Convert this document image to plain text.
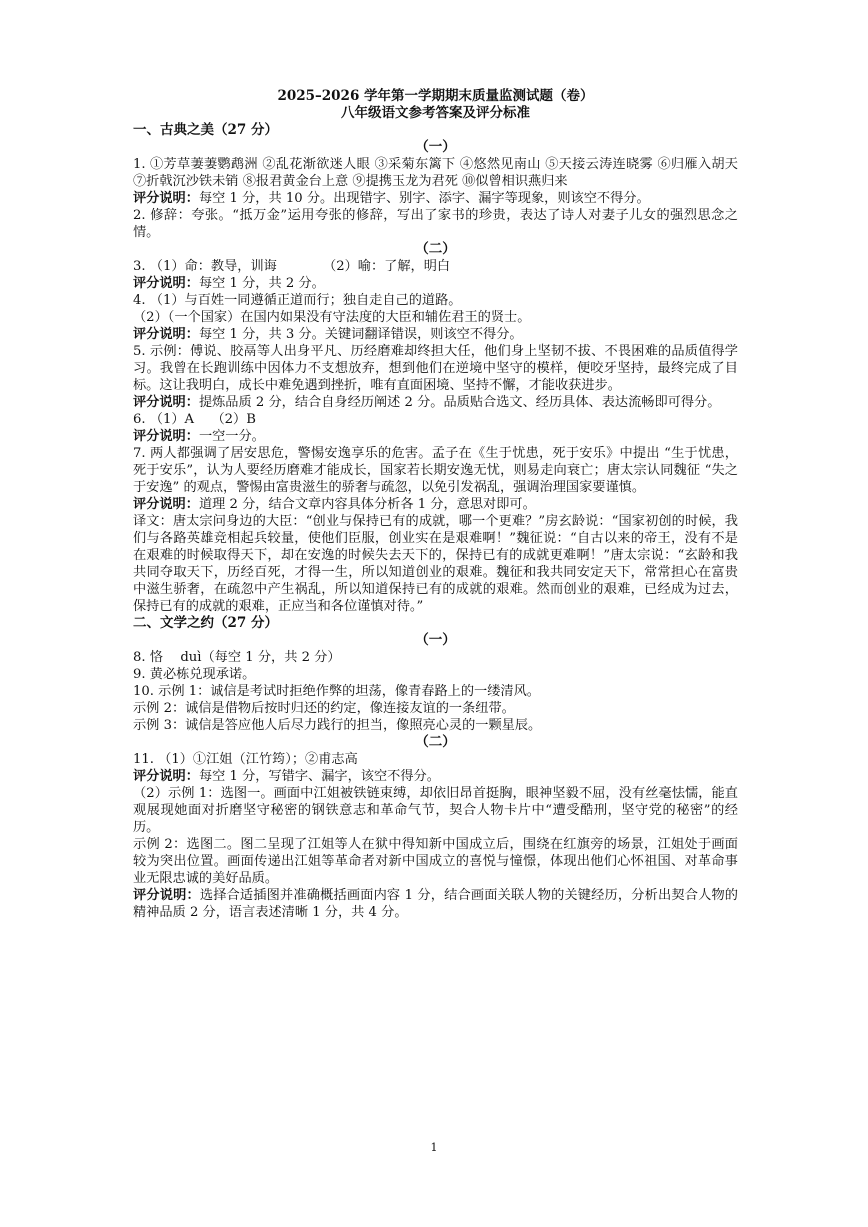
2025–2026 学年第一学期期末质量监测试题（卷）
八年级语文参考答案及评分标准
一、古典之美（27 分）
（一）

1. ①芳草萋萋鹦鹉洲 ②乱花渐欲迷人眼 ③采菊东篱下 ④悠然见南山 ⑤天接云涛连晓雾 ⑥归雁入胡天 ⑦折戟沉沙铁未销 ⑧报君黄金台上意 ⑨提携玉龙为君死 ⑩似曾相识燕归来

评分说明：每空 1 分，共 10 分。出现错字、别字、添字、漏字等现象，则该空不得分。

2. 修辞：夸张。“抵万金”运用夸张的修辞，写出了家书的珍贵，表达了诗人对妻子儿女的强烈思念之情。

（二）

3. （1）命：教导，训诲　　　　（2）喻：了解，明白

评分说明：每空 1 分，共 2 分。

4. （1）与百姓一同遵循正道而行；独自走自己的道路。

（2）（一个国家）在国内如果没有守法度的大臣和辅佐君王的贤士。

评分说明：每空 1 分，共 3 分。关键词翻译错误，则该空不得分。

5. 示例：傅说、胶鬲等人出身平凡、历经磨难却终担大任，他们身上坚韧不拔、不畏困难的品质值得学习。我曾在长跑训练中因体力不支想放弃，想到他们在逆境中坚守的模样，便咬牙坚持，最终完成了目标。这让我明白，成长中难免遇到挫折，唯有直面困境、坚持不懈，才能收获进步。

评分说明：提炼品质 2 分，结合自身经历阐述 2 分。品质贴合选文、经历具体、表达流畅即可得分。

6. （1）A　 （2）B

评分说明：一空一分。

7. 两人都强调了居安思危，警惕安逸享乐的危害。孟子在《生于忧患，死于安乐》中提出 “生于忧患，死于安乐”，认为人要经历磨难才能成长，国家若长期安逸无忧，则易走向衰亡；唐太宗认同魏征 “失之于安逸” 的观点，警惕由富贵滋生的骄奢与疏忽，以免引发祸乱，强调治理国家要谨慎。

评分说明：道理 2 分，结合文章内容具体分析各 1 分，意思对即可。

译文：唐太宗问身边的大臣：“创业与保持已有的成就，哪一个更难？”房玄龄说：“国家初创的时候，我们与各路英雄竞相起兵较量，使他们臣服，创业实在是艰难啊！”魏征说：“自古以来的帝王，没有不是在艰难的时候取得天下，却在安逸的时候失去天下的，保持已有的成就更难啊！”唐太宗说：“玄龄和我共同夺取天下，历经百死，才得一生，所以知道创业的艰难。魏征和我共同安定天下，常常担心在富贵中滋生骄奢，在疏忽中产生祸乱，所以知道保持已有的成就的艰难。然而创业的艰难，已经成为过去，保持已有的成就的艰难，正应当和各位谨慎对待。”

二、文学之约（27 分）
（一）

8. 恪　 duì（每空 1 分，共 2 分）

9. 黄必栋兑现承诺。

10. 示例 1：诚信是考试时拒绝作弊的坦荡，像青春路上的一缕清风。

示例 2：诚信是借物后按时归还的约定，像连接友谊的一条纽带。

示例 3：诚信是答应他人后尽力践行的担当，像照亮心灵的一颗星辰。

（二）

11. （1）①江姐（江竹筠）；②甫志高

评分说明：每空 1 分，写错字、漏字，该空不得分。

（2）示例 1：选图一。画面中江姐被铁链束缚，却依旧昂首挺胸，眼神坚毅不屈，没有丝毫怯懦，能直观展现她面对折磨坚守秘密的钢铁意志和革命气节，契合人物卡片中“遭受酷刑，坚守党的秘密”的经历。

示例 2：选图二。图二呈现了江姐等人在狱中得知新中国成立后，围绕在红旗旁的场景，江姐处于画面较为突出位置。画面传递出江姐等革命者对新中国成立的喜悦与憧憬，体现出他们心怀祖国、对革命事业无限忠诚的美好品质。

评分说明：选择合适插图并准确概括画面内容 1 分，结合画面关联人物的关键经历，分析出契合人物的精神品质 2 分，语言表述清晰 1 分，共 4 分。

1
